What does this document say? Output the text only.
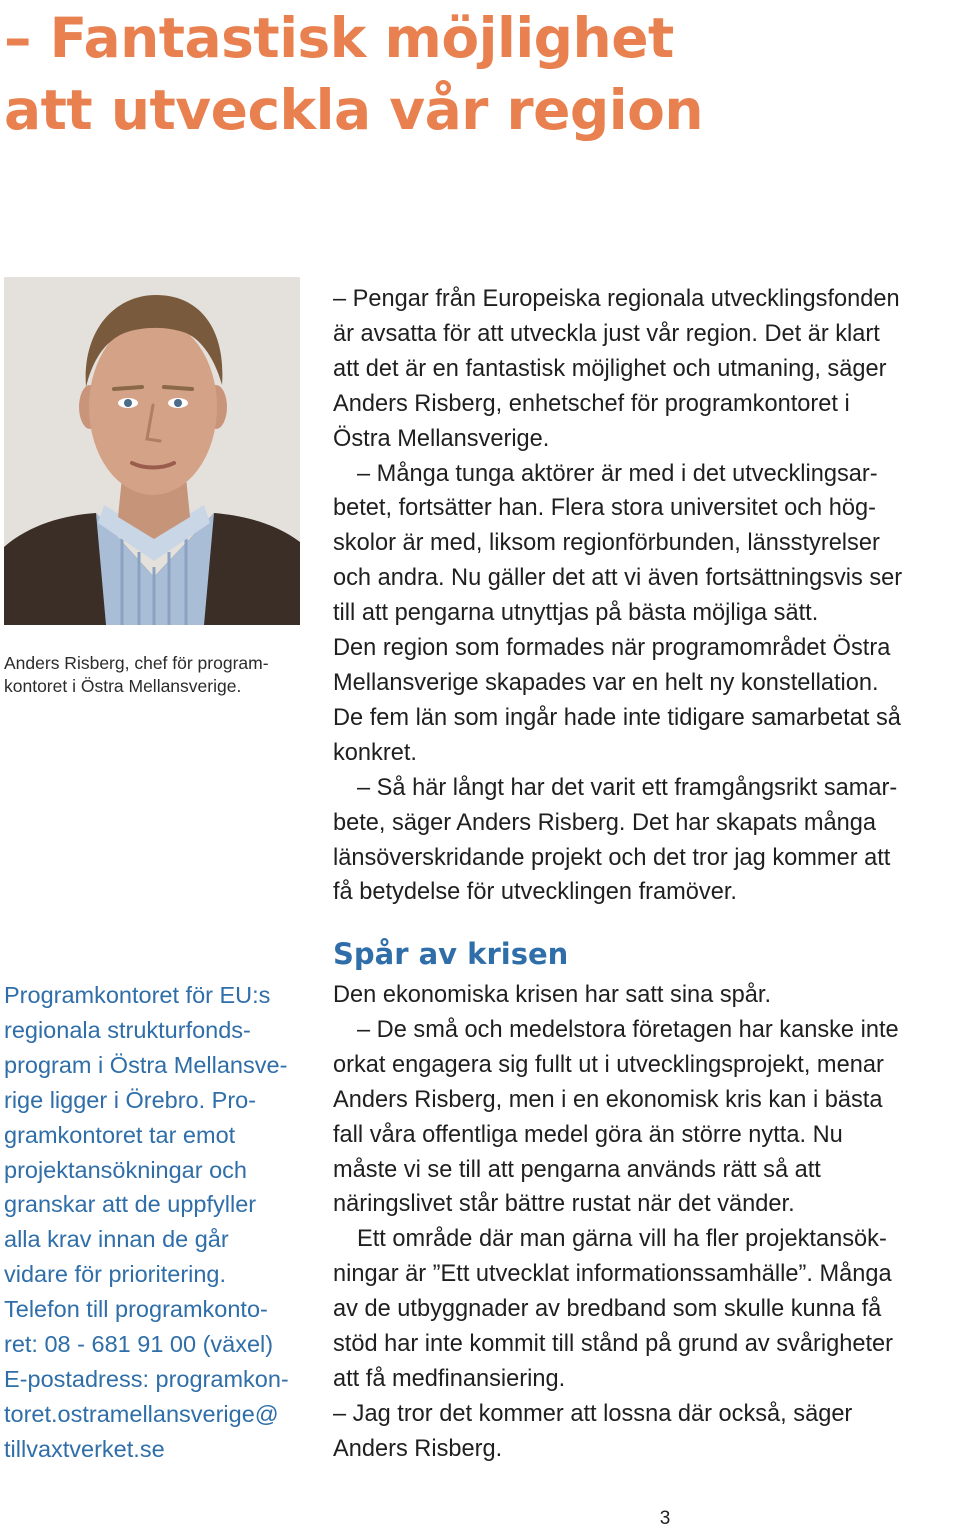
– Fantastisk möjlighet
att utveckla vår region

Anders Risberg, chef för program-
kontoret i Östra Mellansverige.

Programkontoret för EU:s
regionala strukturfonds-
program i Östra Mellansve-
rige ligger i Örebro. Pro-
gramkontoret tar emot
projektansökningar och
granskar att de uppfyller
alla krav innan de går
vidare för prioritering.
Telefon till programkonto-
ret: 08 - 681 91 00 (växel)
E-postadress: programkon-
toret.ostramellansverige@
tillvaxtverket.se
– Pengar från Europeiska regionala utvecklingsfonden
är avsatta för att utveckla just vår region. Det är klart
att det är en fantastisk möjlighet och utmaning, säger
Anders Risberg, enhetschef för programkontoret i
Östra Mellansverige.
– Många tunga aktörer är med i det utvecklingsar-
betet, fortsätter han. Flera stora universitet och hög-
skolor är med, liksom regionförbunden, länsstyrelser
och andra. Nu gäller det att vi även fortsättningsvis ser
till att pengarna utnyttjas på bästa möjliga sätt.
Den region som formades när programområdet Östra
Mellansverige skapades var en helt ny konstellation.
De fem län som ingår hade inte tidigare samarbetat så
konkret.
– Så här långt har det varit ett framgångsrikt samar-
bete, säger Anders Risberg. Det har skapats många
länsöverskridande projekt och det tror jag kommer att
få betydelse för utvecklingen framöver.
Spår av krisen
Den ekonomiska krisen har satt sina spår.
– De små och medelstora företagen har kanske inte
orkat engagera sig fullt ut i utvecklingsprojekt, menar
Anders Risberg, men i en ekonomisk kris kan i bästa
fall våra offentliga medel göra än större nytta. Nu
måste vi se till att pengarna används rätt så att
näringslivet står bättre rustat när det vänder.
Ett område där man gärna vill ha fler projektansök-
ningar är ”Ett utvecklat informationssamhälle”. Många
av de utbyggnader av bredband som skulle kunna få
stöd har inte kommit till stånd på grund av svårigheter
att få medfinansiering.
– Jag tror det kommer att lossna där också, säger
Anders Risberg.
3
